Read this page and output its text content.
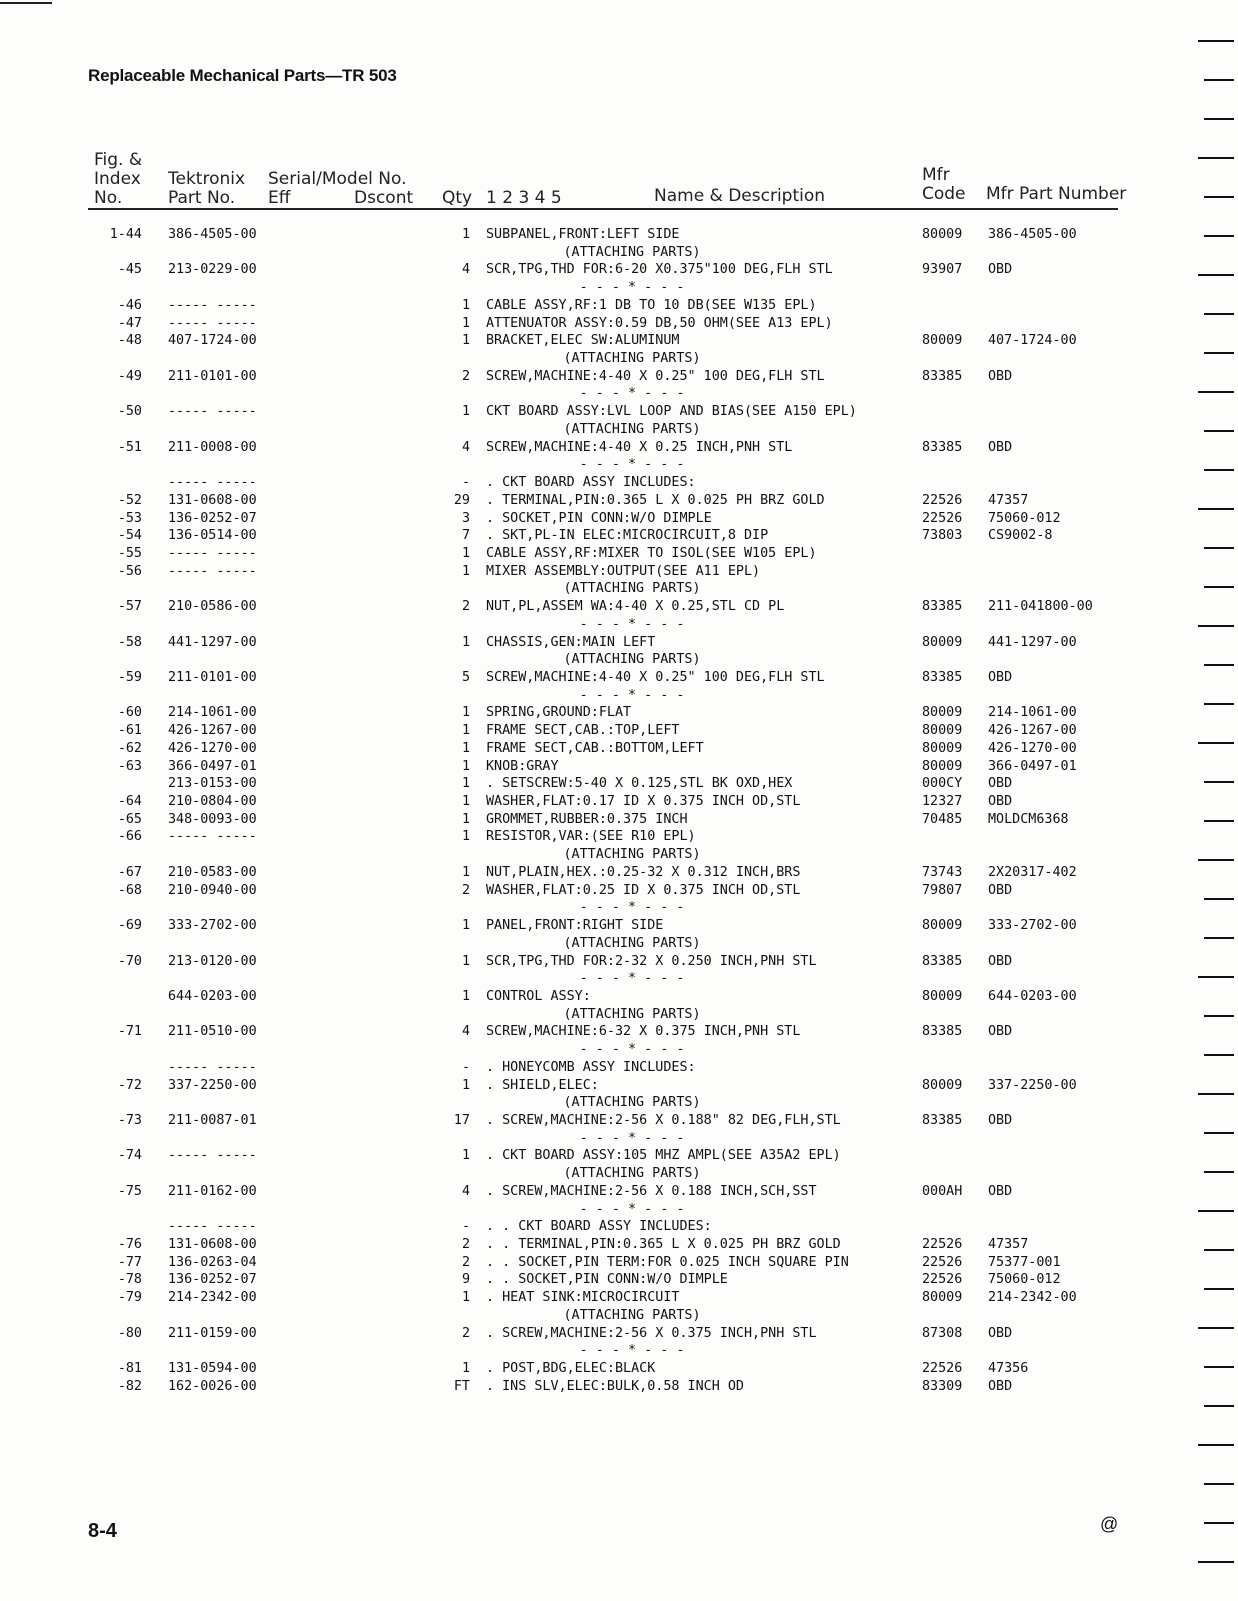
Replaceable Mechanical Parts—TR 503
Fig. &
Index
No.
Tektronix
Part No.
Serial/Model No.
Eff	Dscont Qty 1 2 3 4 5	Name & Description
Mfr
Code Mfr Part Number
1-44 386-4505-00	1 SUBPANEL,FRONT:LEFT SIDE	80009 386-4505-00
(ATTACHING PARTS)
-45 213-0229-00	4 SCR,TPG,THD FOR:6-20 X0.375"100 DEG,FLH STL	93907 OBD
- - - * - - -
-46 ----- -----	1 CABLE ASSY,RF:1 DB TO 10 DB(SEE W135 EPL)
-47 ----- -----	1 ATTENUATOR ASSY:0.59 DB,50 OHM(SEE A13 EPL)
-48 407-1724-00	1 BRACKET,ELEC SW:ALUMINUM	80009 407-1724-00
(ATTACHING PARTS)
-49 211-0101-00	2 SCREW,MACHINE:4-40 X 0.25" 100 DEG,FLH STL	83385 OBD
- - - * - - -
-50 ----- -----	1 CKT BOARD ASSY:LVL LOOP AND BIAS(SEE A150 EPL)
(ATTACHING PARTS)
-51 211-0008-00	4 SCREW,MACHINE:4-40 X 0.25 INCH,PNH STL	83385 OBD
- - - * - - -
----- -----	- . CKT BOARD ASSY INCLUDES:
-52 131-0608-00	29 . TERMINAL,PIN:0.365 L X 0.025 PH BRZ GOLD	22526 47357
-53 136-0252-07	3 . SOCKET,PIN CONN:W/O DIMPLE	22526 75060-012
-54 136-0514-00	7 . SKT,PL-IN ELEC:MICROCIRCUIT,8 DIP	73803 CS9002-8
-55 ----- -----	1 CABLE ASSY,RF:MIXER TO ISOL(SEE W105 EPL)
-56 ----- -----	1 MIXER ASSEMBLY:OUTPUT(SEE A11 EPL)
(ATTACHING PARTS)
-57 210-0586-00	2 NUT,PL,ASSEM WA:4-40 X 0.25,STL CD PL	83385 211-041800-00
- - - * - - -
-58 441-1297-00	1 CHASSIS,GEN:MAIN LEFT	80009 441-1297-00
(ATTACHING PARTS)
-59 211-0101-00	5 SCREW,MACHINE:4-40 X 0.25" 100 DEG,FLH STL	83385 OBD
- - - * - - -
-60 214-1061-00	1 SPRING,GROUND:FLAT	80009 214-1061-00
-61 426-1267-00	1 FRAME SECT,CAB.:TOP,LEFT	80009 426-1267-00
-62 426-1270-00	1 FRAME SECT,CAB.:BOTTOM,LEFT	80009 426-1270-00
-63 366-0497-01	1 KNOB:GRAY	80009 366-0497-01
213-0153-00	1 . SETSCREW:5-40 X 0.125,STL BK OXD,HEX	000CY OBD
-64 210-0804-00	1 WASHER,FLAT:0.17 ID X 0.375 INCH OD,STL	12327 OBD
-65 348-0093-00	1 GROMMET,RUBBER:0.375 INCH	70485 MOLDCM6368
-66 ----- -----	1 RESISTOR,VAR:(SEE R10 EPL)
(ATTACHING PARTS)
-67 210-0583-00	1 NUT,PLAIN,HEX.:0.25-32 X 0.312 INCH,BRS	73743 2X20317-402
-68 210-0940-00	2 WASHER,FLAT:0.25 ID X 0.375 INCH OD,STL	79807 OBD
- - - * - - -
-69 333-2702-00	1 PANEL,FRONT:RIGHT SIDE	80009 333-2702-00
(ATTACHING PARTS)
-70 213-0120-00	1 SCR,TPG,THD FOR:2-32 X 0.250 INCH,PNH STL	83385 OBD
- - - * - - -
644-0203-00	1 CONTROL ASSY:	80009 644-0203-00
(ATTACHING PARTS)
-71 211-0510-00	4 SCREW,MACHINE:6-32 X 0.375 INCH,PNH STL	83385 OBD
- - - * - - -
----- -----	- . HONEYCOMB ASSY INCLUDES:
-72 337-2250-00	1 . SHIELD,ELEC:	80009 337-2250-00
(ATTACHING PARTS)
-73 211-0087-01	17 . SCREW,MACHINE:2-56 X 0.188" 82 DEG,FLH,STL	83385 OBD
- - - * - - -
-74 ----- -----	1 . CKT BOARD ASSY:105 MHZ AMPL(SEE A35A2 EPL)
(ATTACHING PARTS)
-75 211-0162-00	4 . SCREW,MACHINE:2-56 X 0.188 INCH,SCH,SST	000AH OBD
- - - * - - -
----- -----	- . . CKT BOARD ASSY INCLUDES:
-76 131-0608-00	2 . . TERMINAL,PIN:0.365 L X 0.025 PH BRZ GOLD	22526 47357
-77 136-0263-04	2 . . SOCKET,PIN TERM:FOR 0.025 INCH SQUARE PIN	22526 75377-001
-78 136-0252-07	9 . . SOCKET,PIN CONN:W/O DIMPLE	22526 75060-012
-79 214-2342-00	1 . HEAT SINK:MICROCIRCUIT	80009 214-2342-00
(ATTACHING PARTS)
-80 211-0159-00	2 . SCREW,MACHINE:2-56 X 0.375 INCH,PNH STL	87308 OBD
- - - * - - -
-81 131-0594-00	1 . POST,BDG,ELEC:BLACK	22526 47356
-82 162-0026-00	FT . INS SLV,ELEC:BULK,0.58 INCH OD	83309 OBD
8-4	@
